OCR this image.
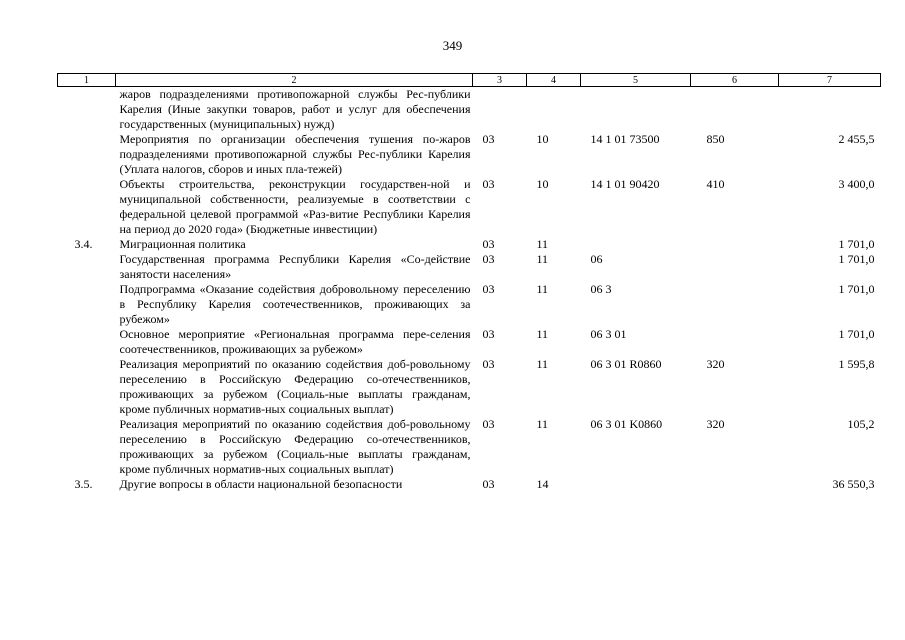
349
1	2	3	4	5	6	7
	жаров подразделениями противопожарной службы Рес-публики Карелия (Иные закупки товаров, работ и услуг для обеспечения государственных (муниципальных) нужд)					
	Мероприятия по организации обеспечения тушения по-жаров подразделениями противопожарной службы Рес-публики Карелия (Уплата налогов, сборов и иных пла-тежей)	03	10	14 1 01 73500	850	2 455,5
	Объекты строительства, реконструкции государствен-ной и муниципальной собственности, реализуемые в соответствии с федеральной целевой программой «Раз-витие Республики Карелия на период до 2020 года» (Бюджетные инвестиции)	03	10	14 1 01 90420	410	3 400,0
3.4.	Миграционная политика	03	11			1 701,0
	Государственная программа Республики Карелия «Со-действие занятости населения»	03	11	06		1 701,0
	Подпрограмма «Оказание содействия добровольному переселению в Республику Карелия соотечественников, проживающих за рубежом»	03	11	06 3		1 701,0
	Основное мероприятие «Региональная программа пере-селения соотечественников, проживающих за рубежом»	03	11	06 3 01		1 701,0
	Реализация мероприятий по оказанию содействия доб-ровольному переселению в Российскую Федерацию со-отечественников, проживающих за рубежом (Социаль-ные выплаты гражданам, кроме публичных норматив-ных социальных выплат)	03	11	06 3 01 R0860	320	1 595,8
	Реализация мероприятий по оказанию содействия доб-ровольному переселению в Российскую Федерацию со-отечественников, проживающих за рубежом (Социаль-ные выплаты гражданам, кроме публичных норматив-ных социальных выплат)	03	11	06 3 01 K0860	320	105,2
3.5.	Другие вопросы в области национальной безопасности	03	14			36 550,3
